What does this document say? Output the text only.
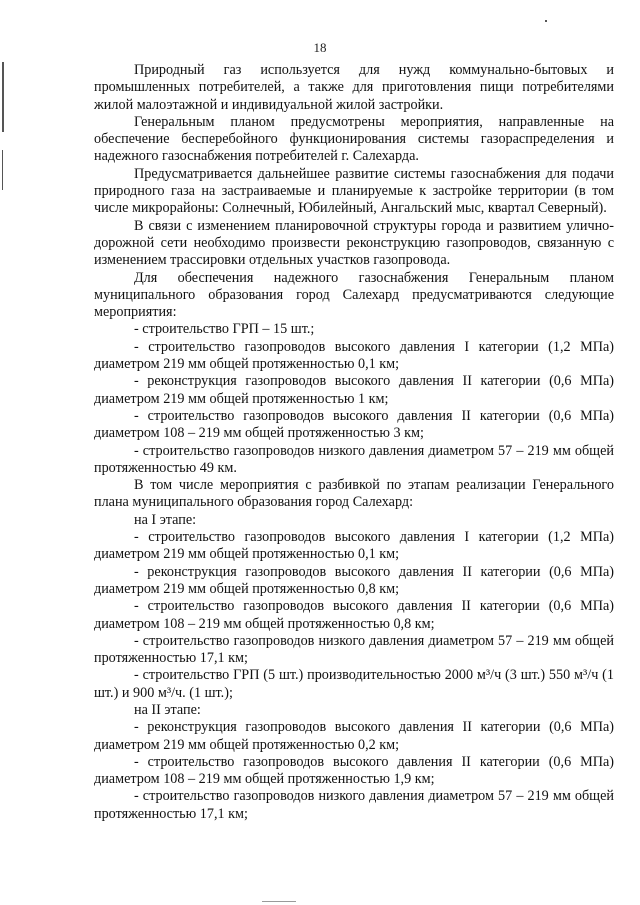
18

Природный газ используется для нужд коммунально-бытовых и промышленных потребителей, а также для приготовления пищи потребителями жилой малоэтажной и индивидуальной жилой застройки.

Генеральным планом предусмотрены мероприятия, направленные на обеспечение бесперебойного функционирования системы газораспределения и надежного газоснабжения потребителей г. Салехарда.

Предусматривается дальнейшее развитие системы газоснабжения для подачи природного газа на застраиваемые и планируемые к застройке территории (в том числе микрорайоны: Солнечный, Юбилейный, Ангальский мыс, квартал Северный).

В связи с изменением планировочной структуры города и развитием улично-дорожной сети необходимо произвести реконструкцию газопроводов, связанную с изменением трассировки отдельных участков газопровода.

Для обеспечения надежного газоснабжения Генеральным планом муниципального образования город Салехард предусматриваются следующие мероприятия:

- строительство ГРП – 15 шт.;

- строительство газопроводов высокого давления I категории (1,2 МПа) диаметром 219 мм общей протяженностью 0,1 км;

- реконструкция газопроводов высокого давления II категории (0,6 МПа) диаметром 219 мм общей протяженностью 1 км;

- строительство газопроводов высокого давления II категории (0,6 МПа) диаметром 108 – 219 мм общей протяженностью 3 км;

- строительство газопроводов низкого давления диаметром 57 – 219 мм общей протяженностью 49 км.

В том числе мероприятия с разбивкой по этапам реализации Генерального плана муниципального образования город Салехард:

на I этапе:

- строительство газопроводов высокого давления I категории (1,2 МПа) диаметром 219 мм общей протяженностью 0,1 км;

- реконструкция газопроводов высокого давления II категории (0,6 МПа) диаметром 219 мм общей протяженностью 0,8 км;

- строительство газопроводов высокого давления II категории (0,6 МПа) диаметром 108 – 219 мм общей протяженностью 0,8 км;

- строительство газопроводов низкого давления диаметром 57 – 219 мм общей протяженностью 17,1 км;

- строительство ГРП (5 шт.) производительностью 2000 м³/ч (3 шт.) 550 м³/ч (1 шт.) и 900 м³/ч. (1 шт.);

на II этапе:

- реконструкция газопроводов высокого давления II категории (0,6 МПа) диаметром 219 мм общей протяженностью 0,2 км;

- строительство газопроводов высокого давления II категории (0,6 МПа) диаметром 108 – 219 мм общей протяженностью 1,9 км;

- строительство газопроводов низкого давления диаметром 57 – 219 мм общей протяженностью 17,1 км;
